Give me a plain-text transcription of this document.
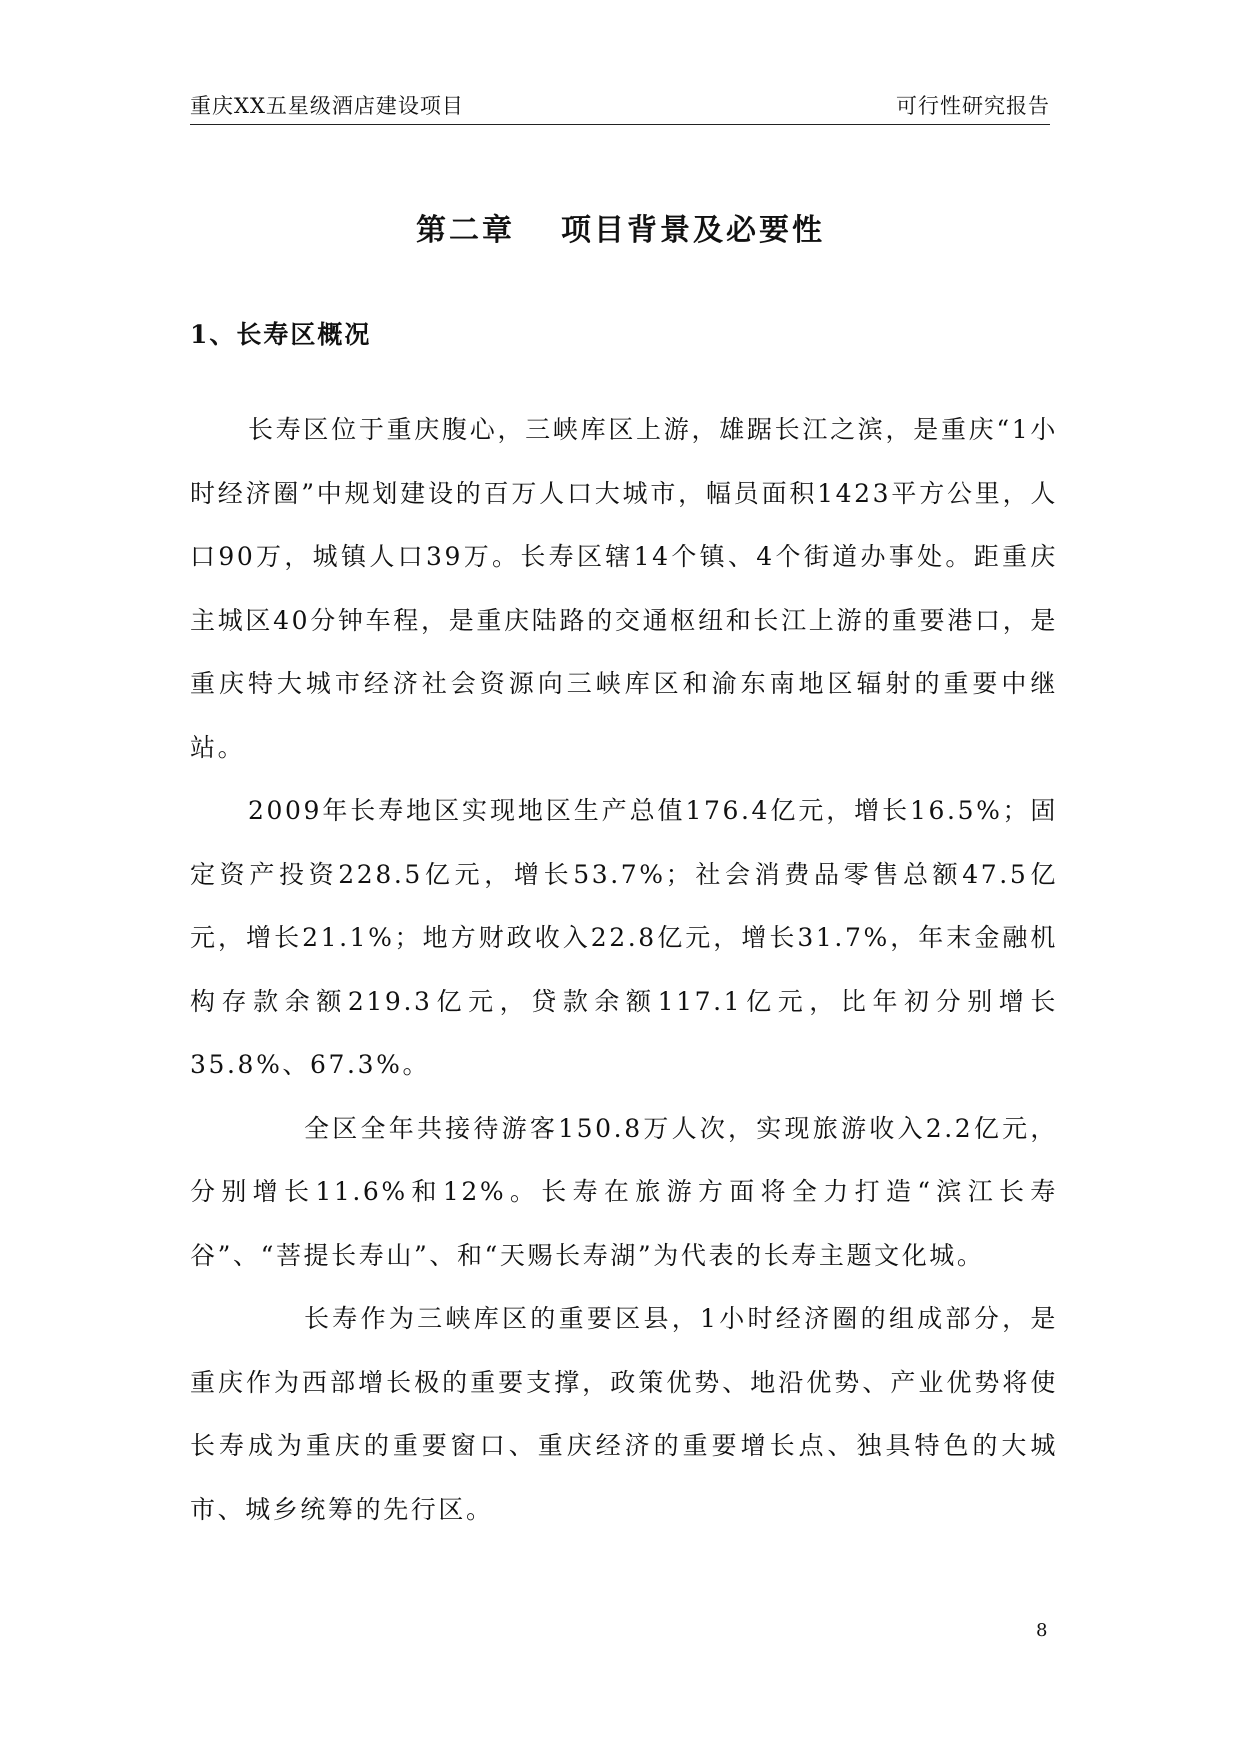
重庆XX五星级酒店建设项目	可行性研究报告
第二章 项目背景及必要性
1、长寿区概况

长寿区位于重庆腹心，三峡库区上游，雄踞长江之滨，是重庆“1小时经济圈”中规划建设的百万人口大城市，幅员面积1423平方公里，人口90万，城镇人口39万。长寿区辖14个镇、4个街道办事处。距重庆主城区40分钟车程，是重庆陆路的交通枢纽和长江上游的重要港口，是重庆特大城市经济社会资源向三峡库区和渝东南地区辐射的重要中继站。

2009年长寿地区实现地区生产总值176.4亿元，增长16.5%；固定资产投资228.5亿元，增长53.7%；社会消费品零售总额47.5亿元，增长21.1%；地方财政收入22.8亿元，增长31.7%，年末金融机构存款余额219.3亿元，贷款余额117.1亿元，比年初分别增长35.8%、67.3%。

全区全年共接待游客150.8万人次，实现旅游收入2.2亿元，分别增长11.6%和12%。长寿在旅游方面将全力打造“滨江长寿谷”、“菩提长寿山”、和“天赐长寿湖”为代表的长寿主题文化城。

长寿作为三峡库区的重要区县，1小时经济圈的组成部分，是重庆作为西部增长极的重要支撑，政策优势、地沿优势、产业优势将使长寿成为重庆的重要窗口、重庆经济的重要增长点、独具特色的大城市、城乡统筹的先行区。

8
